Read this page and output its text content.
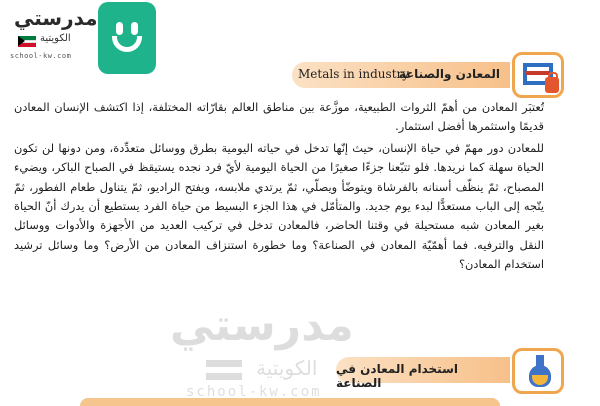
مدرستي
الكويتية
school-kw.com
Metals in industry
المعادن والصناعة

تُعتبَر المعادن من أهمّ الثروات الطبيعية، موزَّعة بين مناطق العالم بقارّاته المختلفة، إذا اكتشف الإنسان المعادن قديمًا واستثمرها أفضل استثمار.

للمعادن دور مهمّ في حياة الإنسان، حيث إنّها تدخل في حياته اليومية بطرق ووسائل متعدِّدة، ومن دونها لن تكون الحياة سهلة كما نريدها. فلو تتبّعنا جزءًا صغيرًا من الحياة اليومية لأيّ فرد نجده يستيقظ في الصباح الباكر، ويضيء المصباح، ثمّ ينظّف أسنانه بالفرشاة ويتوضّأ ويصلّي، ثمّ يرتدي ملابسه، ويفتح الراديو، ثمّ يتناول طعام الفطور، ثمّ يتّجه إلى الباب مستعدًّا لبدء يوم جديد. والمتأمّل في هذا الجزء البسيط من حياة الفرد يستطيع أن يدرك أنّ الحياة بغير المعادن شبه مستحيلة في وقتنا الحاضر، فالمعادن تدخل في تركيب العديد من الأجهزة والأدوات ووسائل النقل والترفيه. فما أهمّيّة المعادن في الصناعة؟ وما خطورة استنزاف المعادن من الأرض؟ وما وسائل ترشيد استخدام المعادن؟

مدرستي
الكويتية
school-kw.com
استخدام المعادن في الصناعة
